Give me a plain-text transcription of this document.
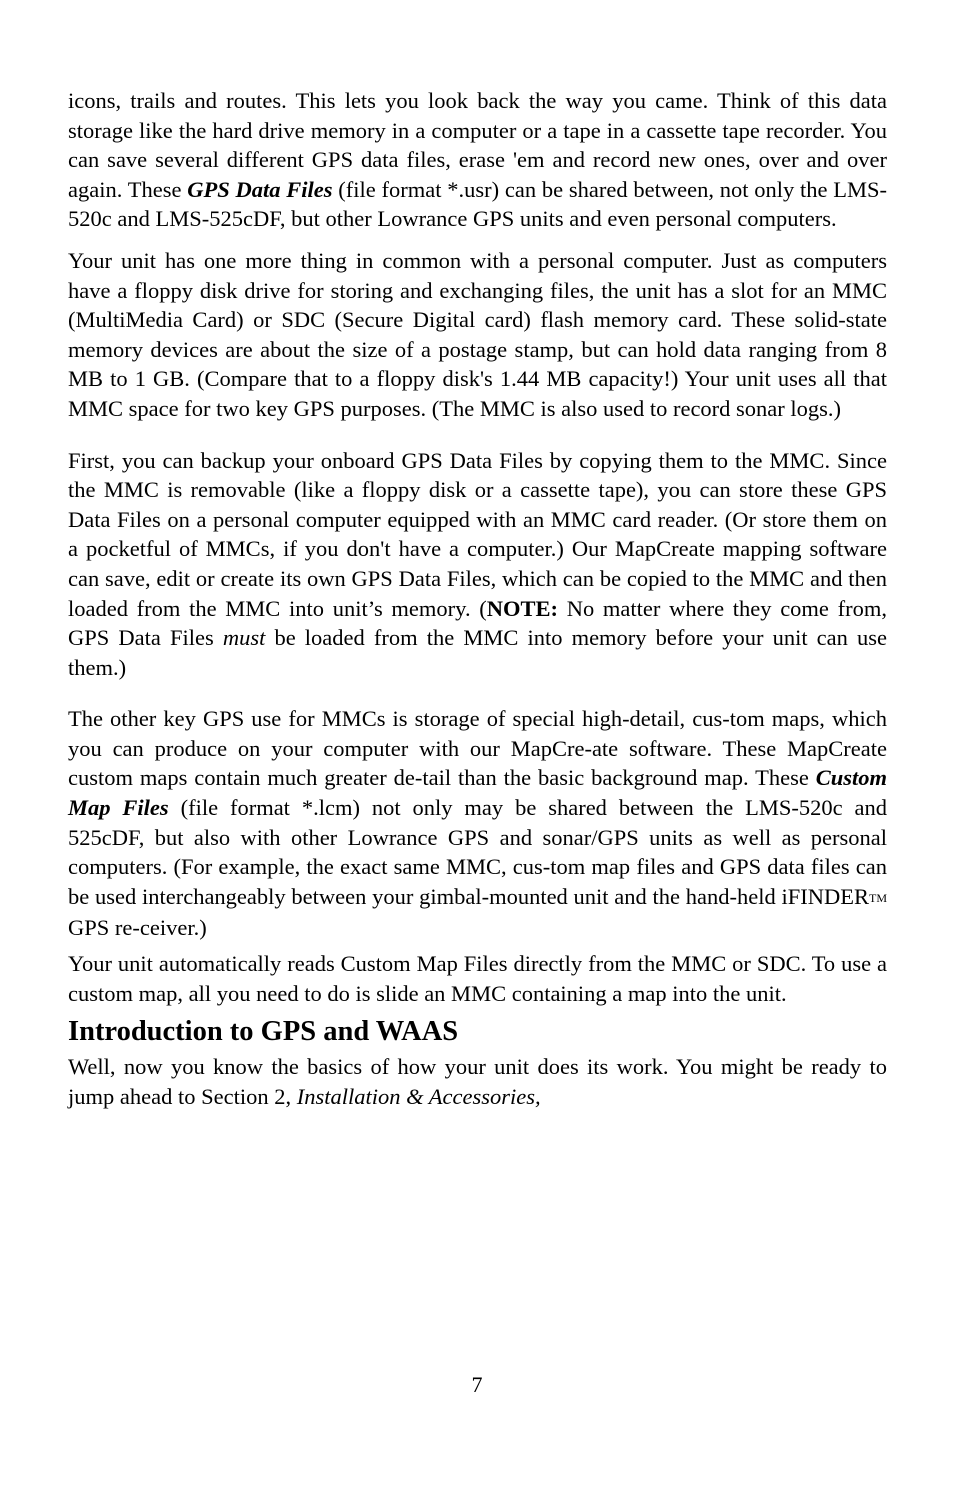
icons, trails and routes. This lets you look back the way you came. Think of this data storage like the hard drive memory in a computer or a tape in a cassette tape recorder. You can save several different GPS data files, erase 'em and record new ones, over and over again. These GPS Data Files (file format *.usr) can be shared between, not only the LMS-520c and LMS-525cDF, but other Lowrance GPS units and even personal computers.

Your unit has one more thing in common with a personal computer. Just as computers have a floppy disk drive for storing and exchanging files, the unit has a slot for an MMC (MultiMedia Card) or SDC (Secure Digital card) flash memory card. These solid-state memory devices are about the size of a postage stamp, but can hold data ranging from 8 MB to 1 GB. (Compare that to a floppy disk's 1.44 MB capacity!) Your unit uses all that MMC space for two key GPS purposes. (The MMC is also used to record sonar logs.)

First, you can backup your onboard GPS Data Files by copying them to the MMC. Since the MMC is removable (like a floppy disk or a cassette tape), you can store these GPS Data Files on a personal computer equipped with an MMC card reader. (Or store them on a pocketful of MMCs, if you don't have a computer.) Our MapCreate mapping software can save, edit or create its own GPS Data Files, which can be copied to the MMC and then loaded from the MMC into unit’s memory. (NOTE: No matter where they come from, GPS Data Files must be loaded from the MMC into memory before your unit can use them.)

The other key GPS use for MMCs is storage of special high-detail, cus-tom maps, which you can produce on your computer with our MapCre-ate software. These MapCreate custom maps contain much greater de-tail than the basic background map. These Custom Map Files (file format *.lcm) not only may be shared between the LMS-520c and 525cDF, but also with other Lowrance GPS and sonar/GPS units as well as personal computers. (For example, the exact same MMC, cus-tom map files and GPS data files can be used interchangeably between your gimbal-mounted unit and the hand-held iFINDERTM GPS re-ceiver.)

Your unit automatically reads Custom Map Files directly from the MMC or SDC. To use a custom map, all you need to do is slide an MMC containing a map into the unit.

Introduction to GPS and WAAS

Well, now you know the basics of how your unit does its work. You might be ready to jump ahead to Section 2, Installation & Accessories,

7
